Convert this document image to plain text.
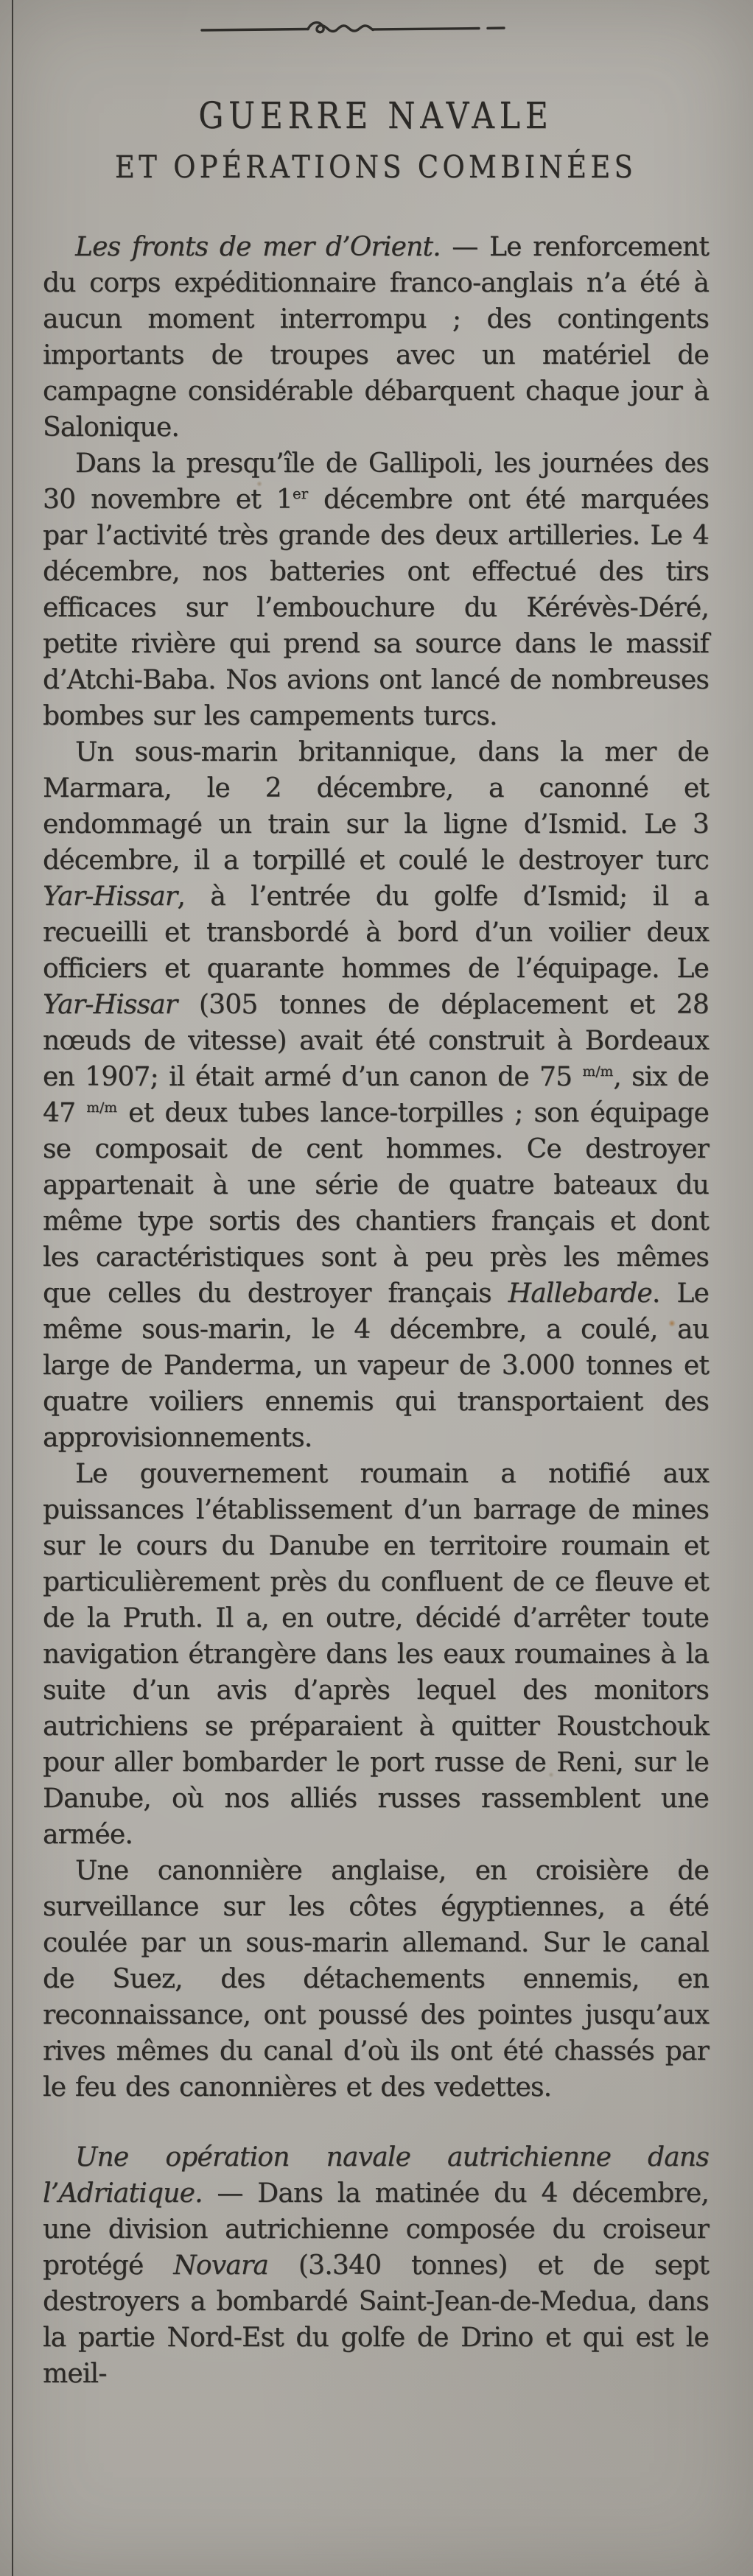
GUERRE NAVALE
ET OPÉRATIONS COMBINÉES

Les fronts de mer d’Orient. — Le renforcement du corps expéditionnaire franco-anglais n’a été à aucun moment interrompu ; des contingents importants de troupes avec un matériel de campagne considérable débarquent chaque jour à Salonique.

Dans la presqu’île de Gallipoli, les journées des 30 novembre et 1er décembre ont été marquées par l’activité très grande des deux artilleries. Le 4 décembre, nos batteries ont effectué des tirs efficaces sur l’embouchure du Kérévès-Déré, petite rivière qui prend sa source dans le massif d’Atchi-Baba. Nos avions ont lancé de nombreuses bombes sur les campements turcs.

Un sous-marin britannique, dans la mer de Marmara, le 2 décembre, a canonné et endommagé un train sur la ligne d’Ismid. Le 3 décembre, il a torpillé et coulé le destroyer turc Yar-Hissar, à l’entrée du golfe d’Ismid; il a recueilli et transbordé à bord d’un voilier deux officiers et quarante hommes de l’équipage. Le Yar-Hissar (305 tonnes de déplacement et 28 nœuds de vitesse) avait été construit à Bordeaux en 1907; il était armé d’un canon de 75 $^{m/m}$, six de 47 $^{m/m}$ et deux tubes lance-torpilles ; son équipage se composait de cent hommes. Ce destroyer appartenait à une série de quatre bateaux du même type sortis des chantiers français et dont les caractéristiques sont à peu près les mêmes que celles du destroyer français Hallebarde. Le même sous-marin, le 4 décembre, a coulé, au large de Panderma, un vapeur de 3.000 tonnes et quatre voiliers ennemis qui transportaient des approvisionnements.

Le gouvernement roumain a notifié aux puissances l’établissement d’un barrage de mines sur le cours du Danube en territoire roumain et particulièrement près du confluent de ce fleuve et de la Pruth. Il a, en outre, décidé d’arrêter toute navigation étrangère dans les eaux roumaines à la suite d’un avis d’après lequel des monitors autrichiens se préparaient à quitter Roustchouk pour aller bombarder le port russe de Reni, sur le Danube, où nos alliés russes rassemblent une armée.

Une canonnière anglaise, en croisière de surveillance sur les côtes égyptiennes, a été coulée par un sous-marin allemand. Sur le canal de Suez, des détachements ennemis, en reconnaissance, ont poussé des pointes jusqu’aux rives mêmes du canal d’où ils ont été chassés par le feu des canonnières et des vedettes.

Une opération navale autrichienne dans l’Adriatique. — Dans la matinée du 4 décembre, une division autrichienne composée du croiseur protégé Novara (3.340 tonnes) et de sept destroyers a bombardé Saint-Jean-de-Medua, dans la partie Nord-Est du golfe de Drino et qui est le meil-
